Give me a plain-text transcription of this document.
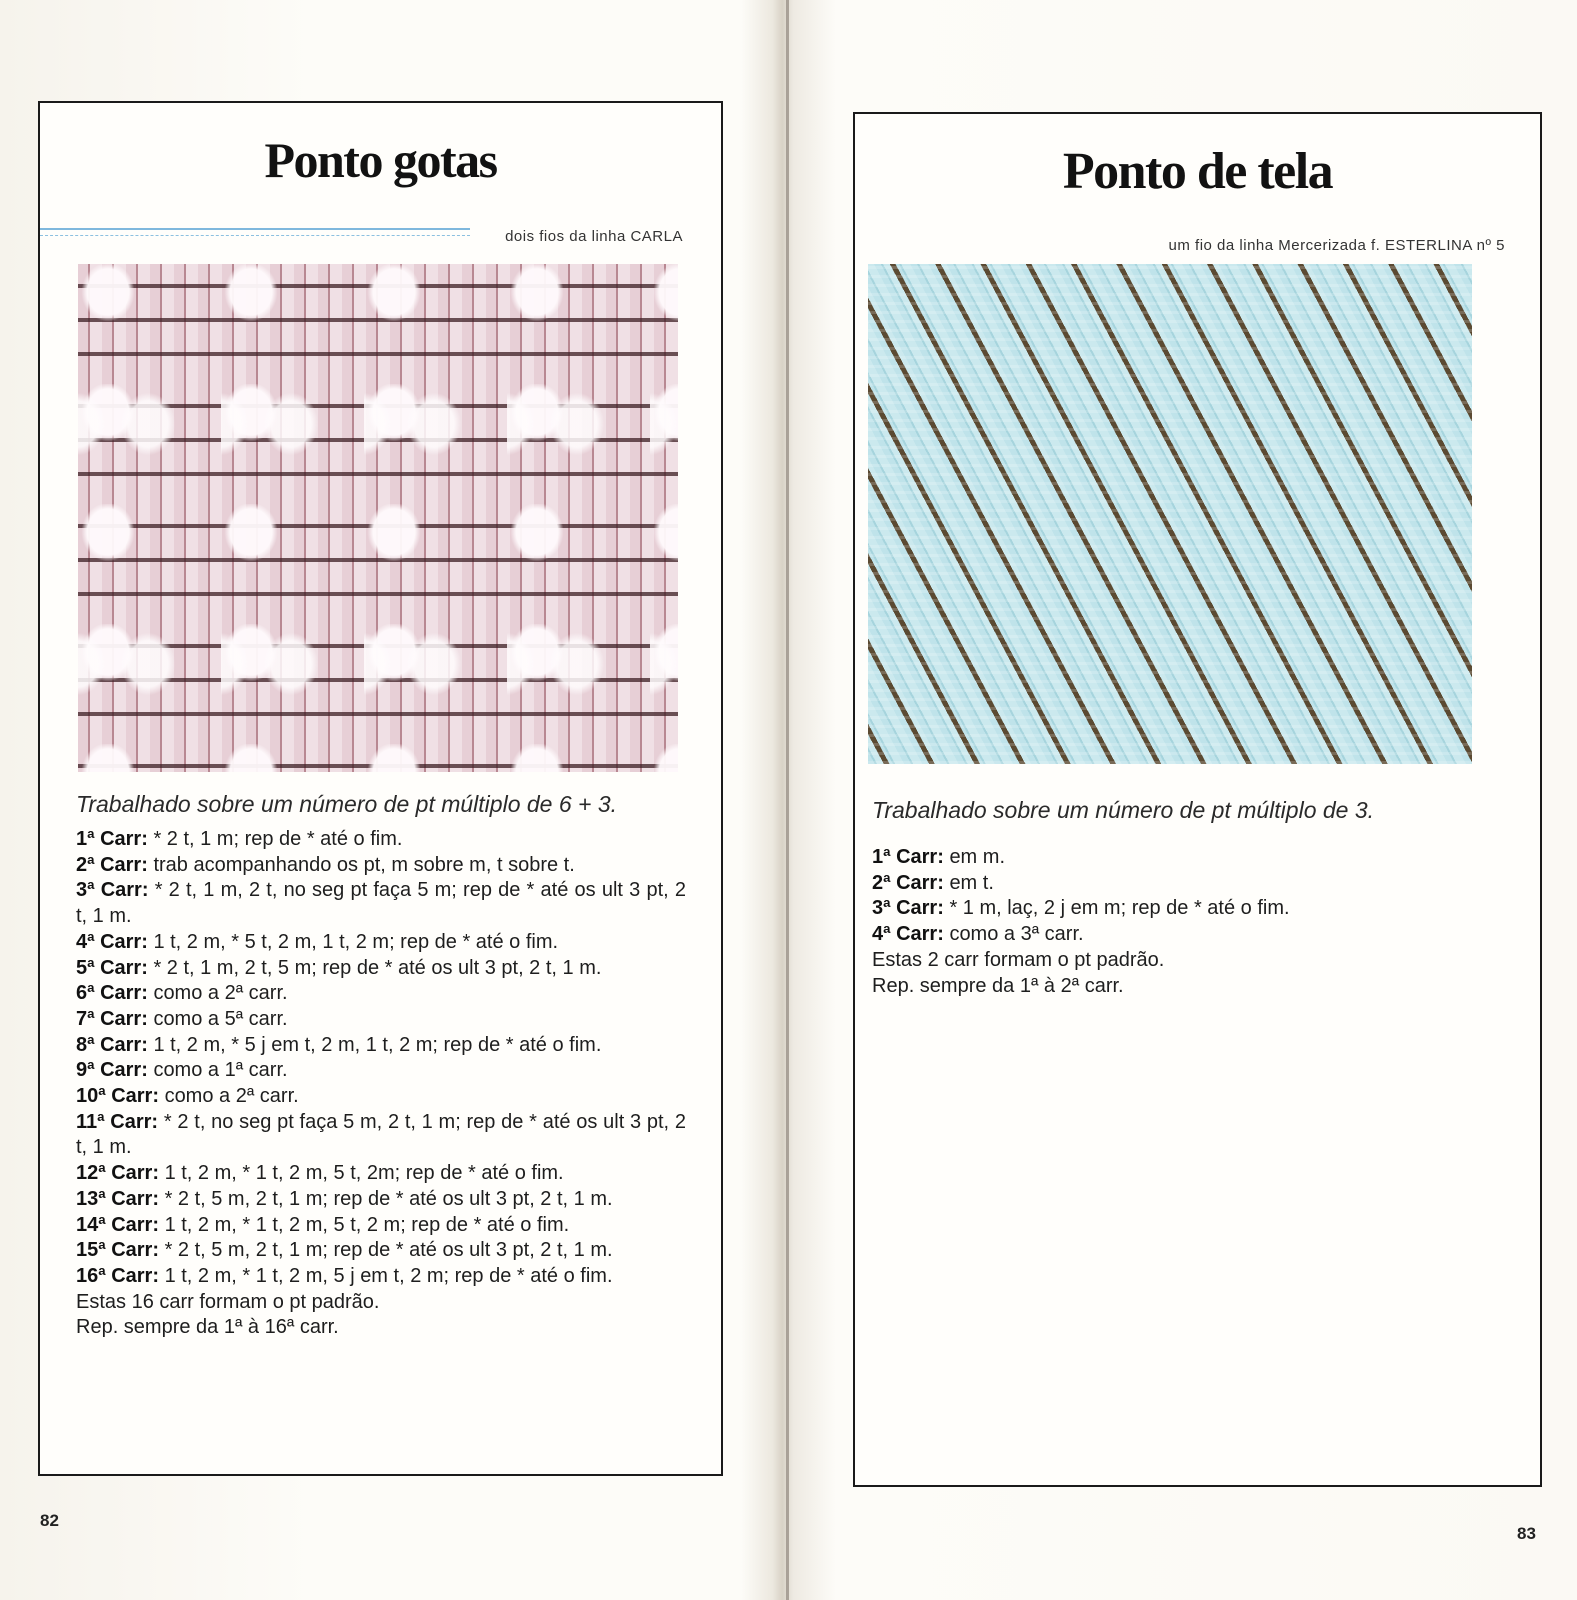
Ponto gotas
dois fios da linha CARLA
Trabalhado sobre um número de pt múltiplo de 6 + 3.
1ª Carr: * 2 t, 1 m; rep de * até o fim.
2ª Carr: trab acompanhando os pt, m sobre m, t sobre t.
3ª Carr: * 2 t, 1 m, 2 t, no seg pt faça 5 m; rep de * até os ult 3 pt, 2 t, 1 m.
4ª Carr: 1 t, 2 m, * 5 t, 2 m, 1 t, 2 m; rep de * até o fim.
5ª Carr: * 2 t, 1 m, 2 t, 5 m; rep de * até os ult 3 pt, 2 t, 1 m.
6ª Carr: como a 2ª carr.
7ª Carr: como a 5ª carr.
8ª Carr: 1 t, 2 m, * 5 j em t, 2 m, 1 t, 2 m; rep de * até o fim.
9ª Carr: como a 1ª carr.
10ª Carr: como a 2ª carr.
11ª Carr: * 2 t, no seg pt faça 5 m, 2 t, 1 m; rep de * até os ult 3 pt, 2 t, 1 m.
12ª Carr: 1 t, 2 m, * 1 t, 2 m, 5 t, 2m; rep de * até o fim.
13ª Carr: * 2 t, 5 m, 2 t, 1 m; rep de * até os ult 3 pt, 2 t, 1 m.
14ª Carr: 1 t, 2 m, * 1 t, 2 m, 5 t, 2 m; rep de * até o fim.
15ª Carr: * 2 t, 5 m, 2 t, 1 m; rep de * até os ult 3 pt, 2 t, 1 m.
16ª Carr: 1 t, 2 m, * 1 t, 2 m, 5 j em t, 2 m; rep de * até o fim.
Estas 16 carr formam o pt padrão.
Rep. sempre da 1ª à 16ª carr.
82
Ponto de tela
um fio da linha Mercerizada f. ESTERLINA nº 5
Trabalhado sobre um número de pt múltiplo de 3.
1ª Carr: em m.
2ª Carr: em t.
3ª Carr: * 1 m, laç, 2 j em m; rep de * até o fim.
4ª Carr: como a 3ª carr.
Estas 2 carr formam o pt padrão.
Rep. sempre da 1ª à 2ª carr.
83
